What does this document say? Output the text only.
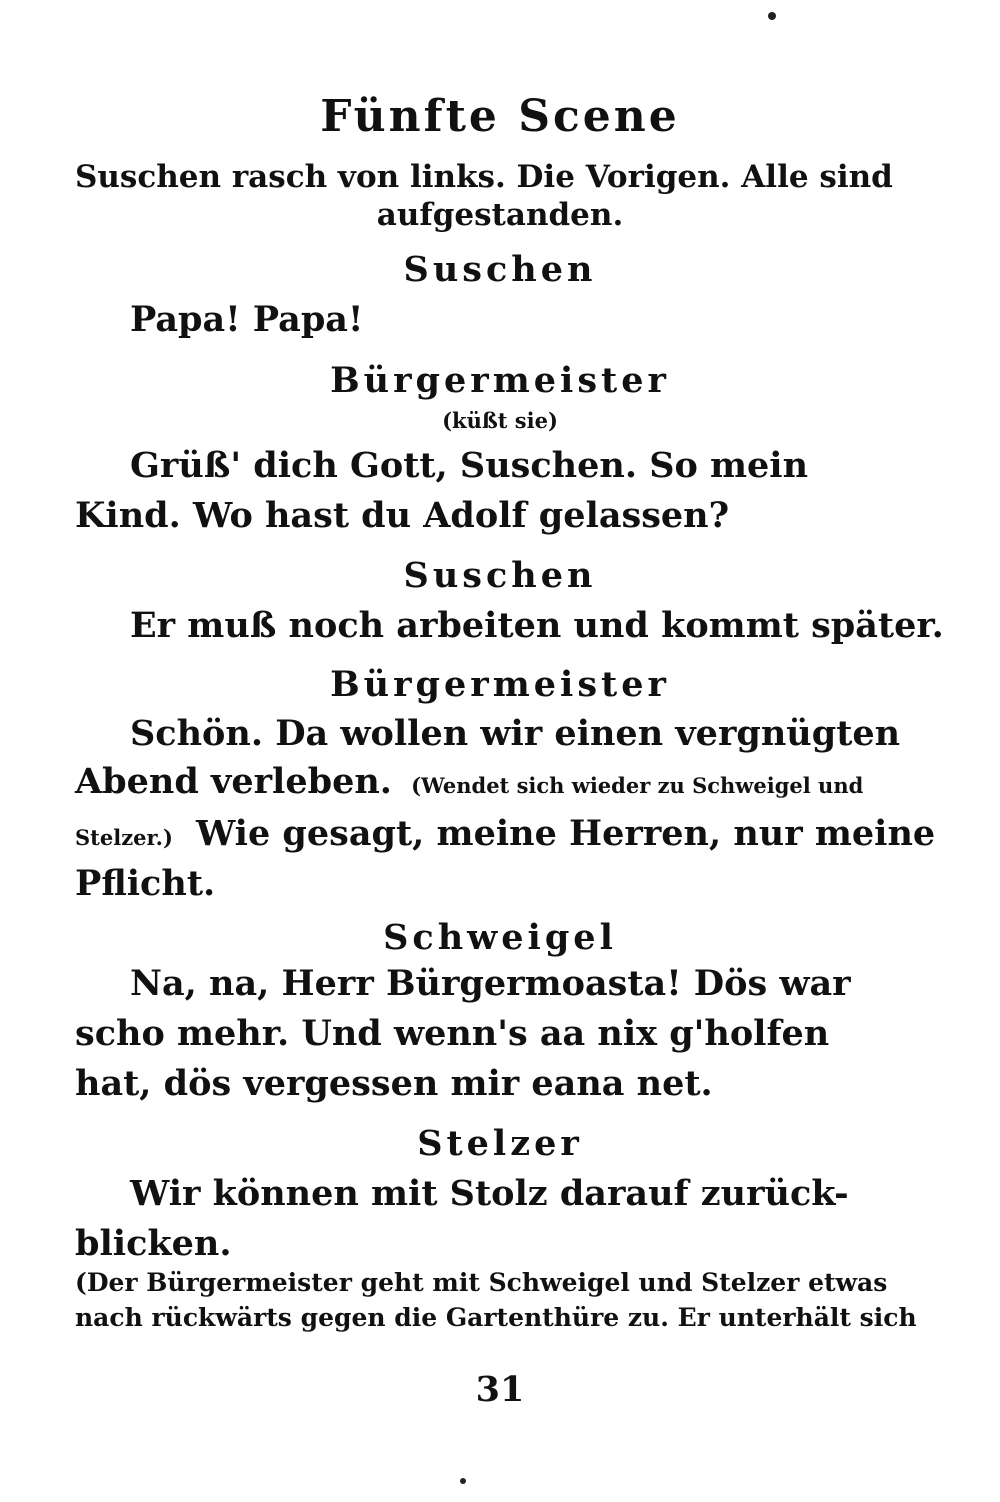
Fünfte Scene
Suschen rasch von links. Die Vorigen. Alle sind
aufgestanden.
Suschen
Papa! Papa!
Bürgermeister
(küßt sie)
Grüß' dich Gott, Suschen. So mein
Kind. Wo hast du Adolf gelassen?
Suschen
Er muß noch arbeiten und kommt später.
Bürgermeister
Schön. Da wollen wir einen vergnügten
Abend verleben. (Wendet sich wieder zu Schweigel und
Stelzer.) Wie gesagt, meine Herren, nur meine
Pflicht.
Schweigel
Na, na, Herr Bürgermoasta! Dös war
scho mehr. Und wenn's aa nix g'holfen
hat, dös vergessen mir eana net.
Stelzer
Wir können mit Stolz darauf zurück-
blicken.
(Der Bürgermeister geht mit Schweigel und Stelzer etwas
nach rückwärts gegen die Gartenthüre zu. Er unterhält sich
31
